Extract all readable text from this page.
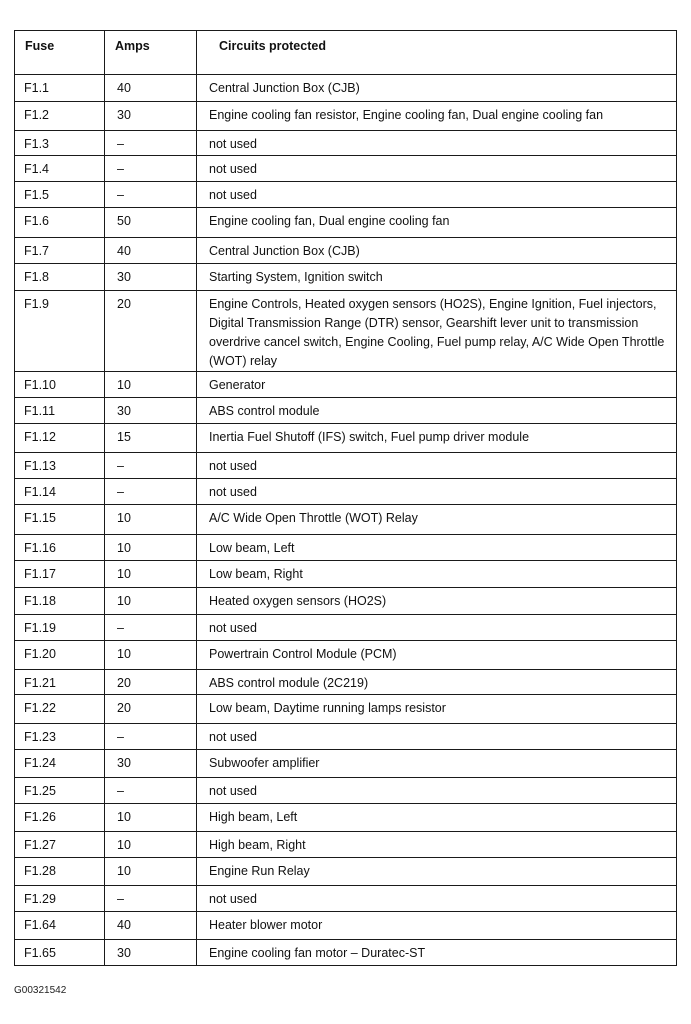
Fuse	Amps	Circuits protected
F1.1	40	Central Junction Box (CJB)
F1.2	30	Engine cooling fan resistor, Engine cooling fan, Dual engine cooling fan
F1.3	–	not used
F1.4	–	not used
F1.5	–	not used
F1.6	50	Engine cooling fan, Dual engine cooling fan
F1.7	40	Central Junction Box (CJB)
F1.8	30	Starting System, Ignition switch
F1.9	20	Engine Controls, Heated oxygen sensors (HO2S), Engine Ignition, Fuel injectors, Digital Transmission Range (DTR) sensor, Gearshift lever unit to transmission overdrive cancel switch, Engine Cooling, Fuel pump relay, A/C Wide Open Throttle (WOT) relay
F1.10	10	Generator
F1.11	30	ABS control module
F1.12	15	Inertia Fuel Shutoff (IFS) switch, Fuel pump driver module
F1.13	–	not used
F1.14	–	not used
F1.15	10	A/C Wide Open Throttle (WOT) Relay
F1.16	10	Low beam, Left
F1.17	10	Low beam, Right
F1.18	10	Heated oxygen sensors (HO2S)
F1.19	–	not used
F1.20	10	Powertrain Control Module (PCM)
F1.21	20	ABS control module (2C219)
F1.22	20	Low beam, Daytime running lamps resistor
F1.23	–	not used
F1.24	30	Subwoofer amplifier
F1.25	–	not used
F1.26	10	High beam, Left
F1.27	10	High beam, Right
F1.28	10	Engine Run Relay
F1.29	–	not used
F1.64	40	Heater blower motor
F1.65	30	Engine cooling fan motor – Duratec-ST
G00321542
